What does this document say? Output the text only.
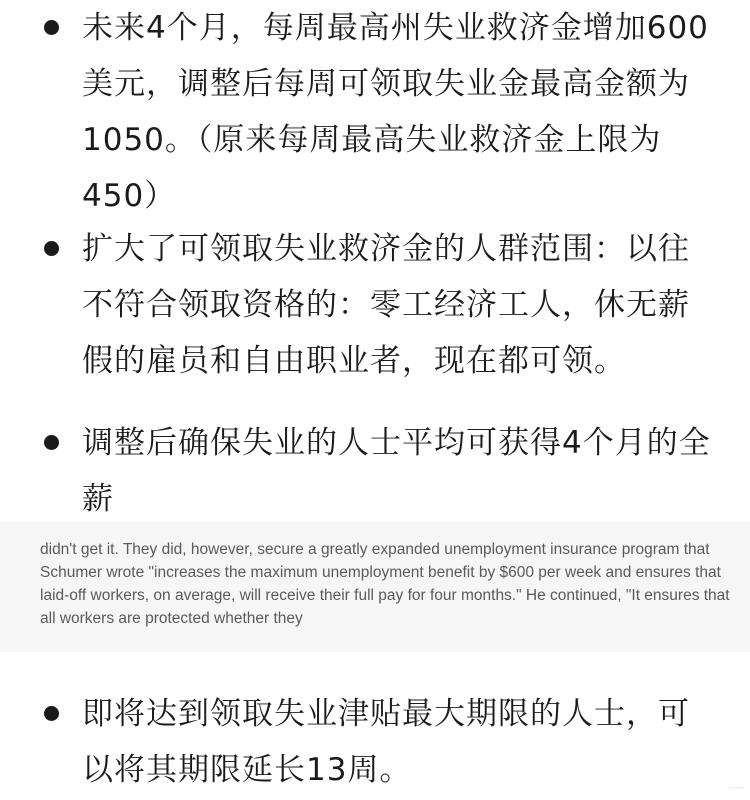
未来4个月，每周最高州失业救济金增加600美元，调整后每周可领取失业金最高金额为1050。（原来每周最高失业救济金上限为450）
扩大了可领取失业救济金的人群范围：以往不符合领取资格的：零工经济工人，休无薪假的雇员和自由职业者，现在都可领。
调整后确保失业的人士平均可获得4个月的全薪

didn't get it. They did, however, secure a greatly expanded unemployment insurance program that Schumer wrote "increases the maximum unemployment benefit by $600 per week and ensures that laid-off workers, on average, will receive their full pay for four months." He continued, "It ensures that all workers are protected whether they

即将达到领取失业津贴最大期限的人士，可以将其期限延长13周。	·····
